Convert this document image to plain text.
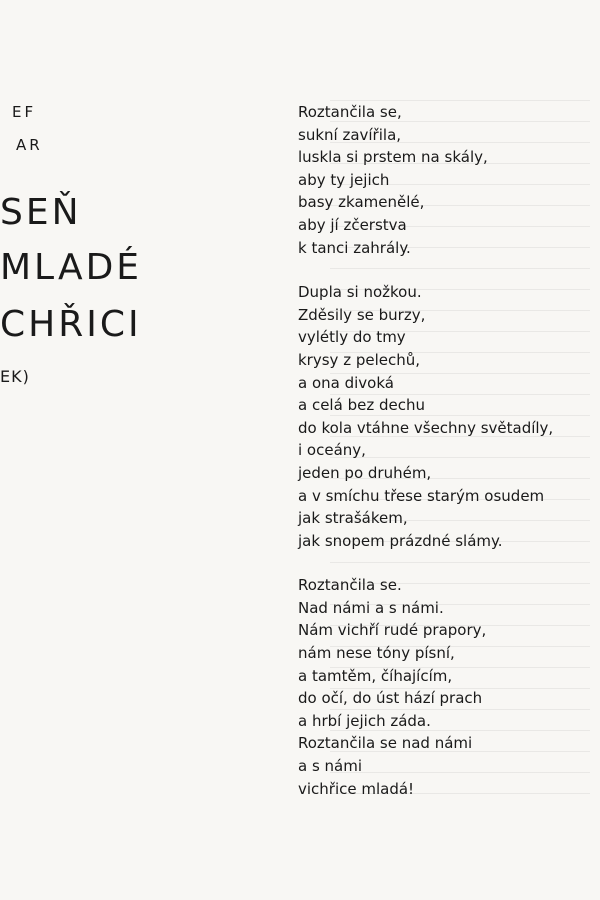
EF
AR
SEŇ
MLADÉ
CHŘICI
EK)
Roztančila se,
sukní zavířila,
luskla si prstem na skály,
aby ty jejich
basy zkamenělé,
aby jí zčerstva
k tanci zahrály.
Dupla si nožkou.
Zděsily se burzy,
vylétly do tmy
krysy z pelechů,
a ona divoká
a celá bez dechu
do kola vtáhne všechny světadíly,
i oceány,
jeden po druhém,
a v smíchu třese starým osudem
jak strašákem,
jak snopem prázdné slámy.
Roztančila se.
Nad námi a s námi.
Nám vichří rudé prapory,
nám nese tóny písní,
a tamtěm, číhajícím,
do očí, do úst hází prach
a hrbí jejich záda.
Roztančila se nad námi
a s námi
vichřice mladá!
